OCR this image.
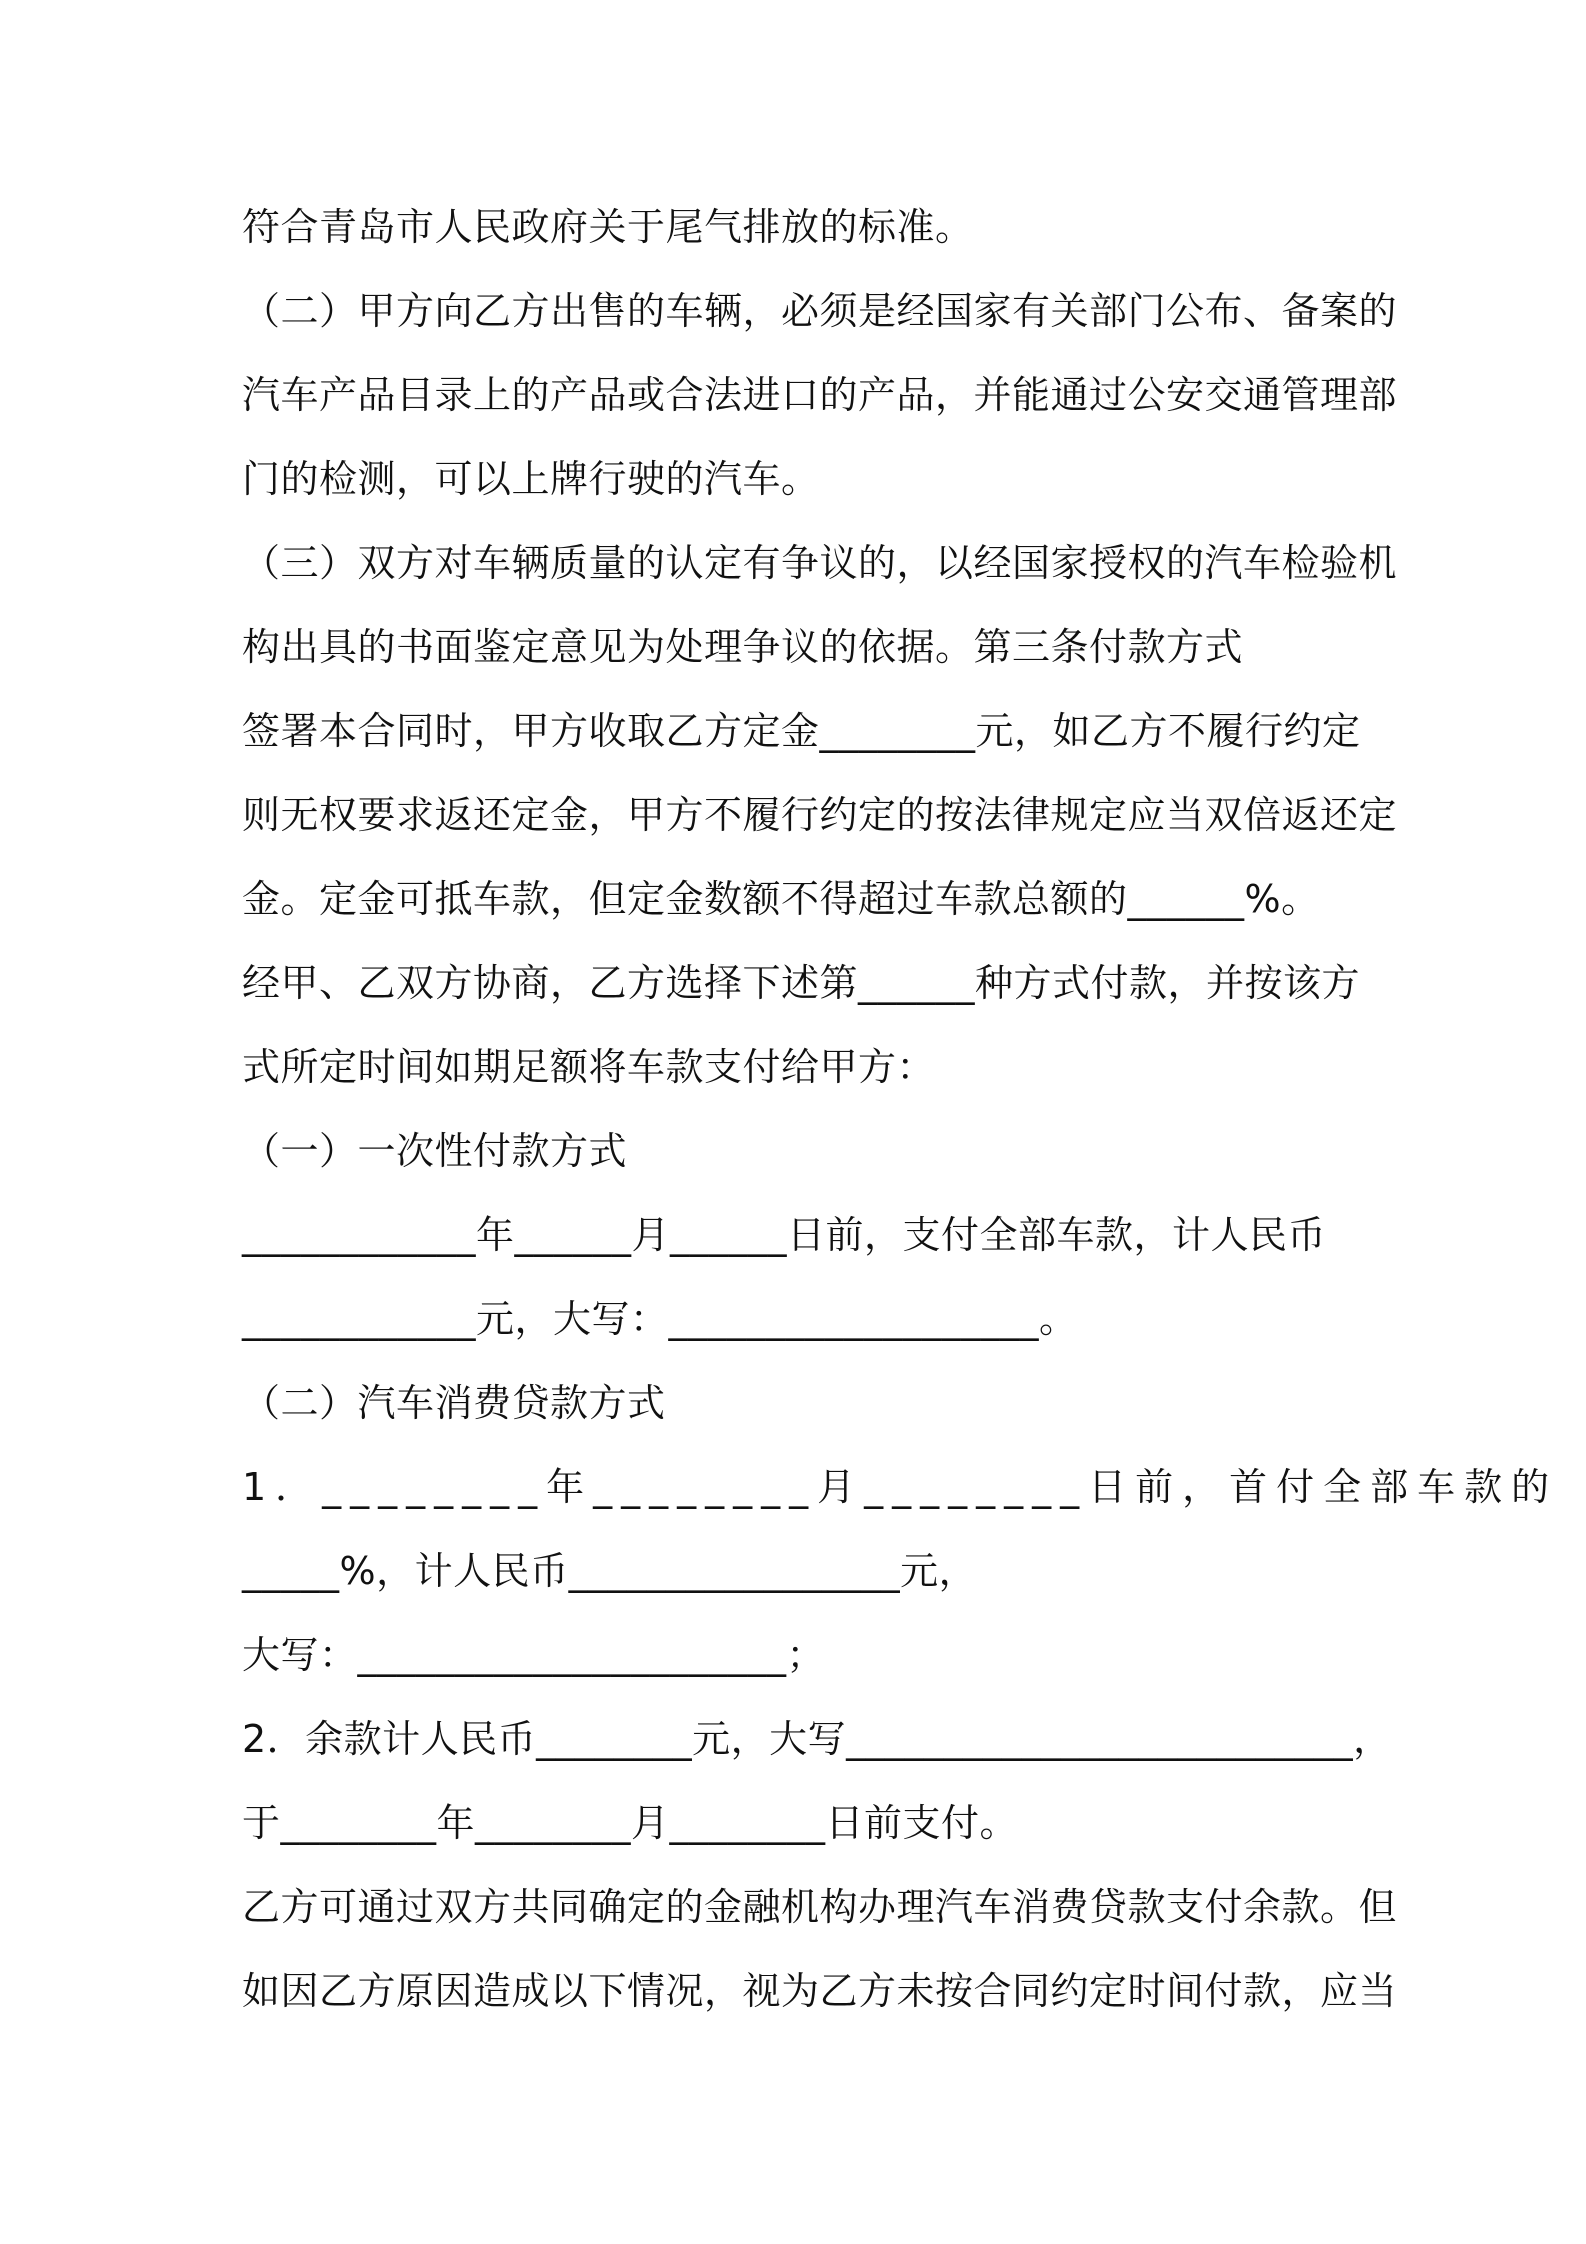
符合青岛市人民政府关于尾气排放的标准。
（二）甲方向乙方出售的车辆，必须是经国家有关部门公布、备案的
汽车产品目录上的产品或合法进口的产品，并能通过公安交通管理部
门的检测，可以上牌行驶的汽车。
（三）双方对车辆质量的认定有争议的，以经国家授权的汽车检验机
构出具的书面鉴定意见为处理争议的依据。第三条付款方式
签署本合同时，甲方收取乙方定金________元，如乙方不履行约定
则无权要求返还定金，甲方不履行约定的按法律规定应当双倍返还定
金。定金可抵车款，但定金数额不得超过车款总额的______%。
经甲、乙双方协商，乙方选择下述第______种方式付款，并按该方
式所定时间如期足额将车款支付给甲方：
（一）一次性付款方式
____________年______月______日前，支付全部车款，计人民币
____________元，大写：___________________。
（二）汽车消费贷款方式
1．________年________月________日前，首付全部车款的
_____%，计人民币_________________元，
大写：______________________；
2．余款计人民币________元，大写__________________________，
于________年________月________日前支付。
乙方可通过双方共同确定的金融机构办理汽车消费贷款支付余款。但
如因乙方原因造成以下情况，视为乙方未按合同约定时间付款，应当
